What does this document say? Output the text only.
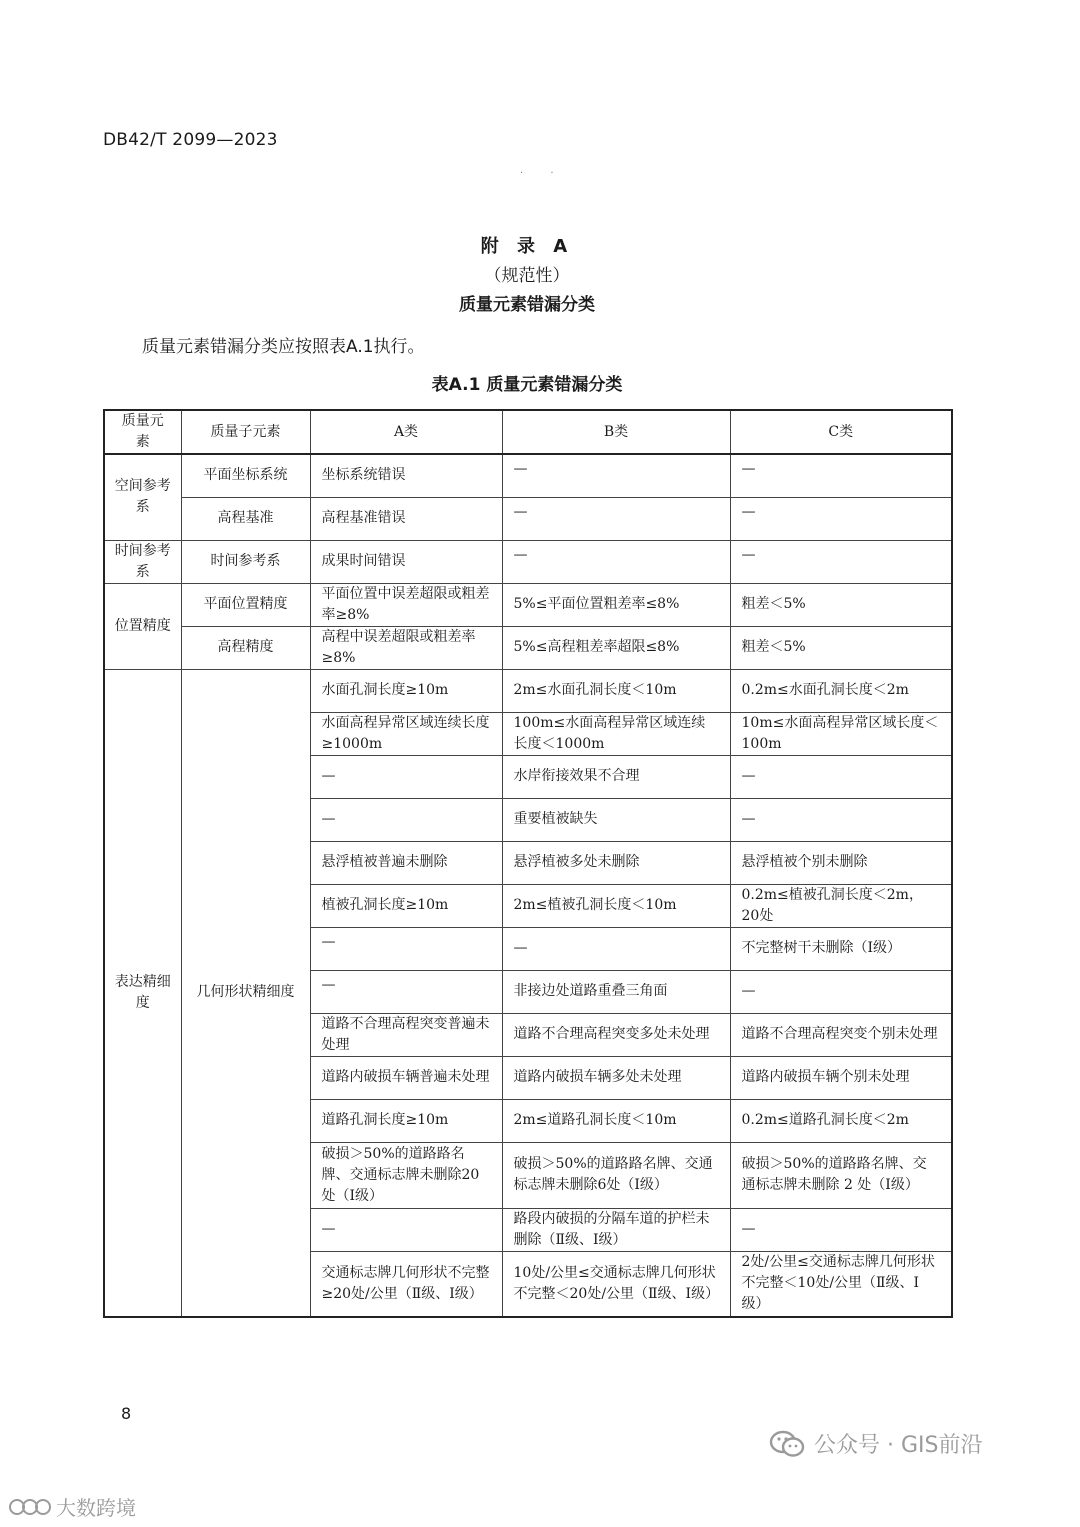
DB42/T 2099—2023
· ·
附 录 A
（规范性）
质量元素错漏分类
质量元素错漏分类应按照表A.1执行。
表A.1 质量元素错漏分类
质量元素	质量子元素	A类	B类	C类
空间参考系	平面坐标系统	坐标系统错误	—	—
	高程基准	高程基准错误	—	—
时间参考系	时间参考系	成果时间错误	—	—
位置精度	平面位置精度	平面位置中误差超限或粗差率≥8%	5%≤平面位置粗差率≤8%	粗差＜5%
	高程精度	高程中误差超限或粗差率≥8%	5%≤高程粗差率超限≤8%	粗差＜5%
表达精细度	几何形状精细度	水面孔洞长度≥10m	2m≤水面孔洞长度＜10m	0.2m≤水面孔洞长度＜2m
		水面高程异常区域连续长度≥1000m	100m≤水面高程异常区域连续长度＜1000m	10m≤水面高程异常区域长度＜100m
		—	水岸衔接效果不合理	—
		—	重要植被缺失	—
		悬浮植被普遍未删除	悬浮植被多处未删除	悬浮植被个别未删除
		植被孔洞长度≥10m	2m≤植被孔洞长度＜10m	0.2m≤植被孔洞长度＜2m，20处
		—	—	不完整树干未删除（Ⅰ级）
		—	非接边处道路重叠三角面	—
		道路不合理高程突变普遍未处理	道路不合理高程突变多处未处理	道路不合理高程突变个别未处理
		道路内破损车辆普遍未处理	道路内破损车辆多处未处理	道路内破损车辆个别未处理
		道路孔洞长度≥10m	2m≤道路孔洞长度＜10m	0.2m≤道路孔洞长度＜2m
		破损＞50%的道路路名牌、交通标志牌未删除20处（Ⅰ级）	破损＞50%的道路路名牌、交通标志牌未删除6处（Ⅰ级）	破损＞50%的道路路名牌、交通标志牌未删除 2 处（Ⅰ级）
		—	路段内破损的分隔车道的护栏未删除（Ⅱ级、Ⅰ级）	—
		交通标志牌几何形状不完整≥20处/公里（Ⅱ级、Ⅰ级）	10处/公里≤交通标志牌几何形状不完整＜20处/公里（Ⅱ级、Ⅰ级）	2处/公里≤交通标志牌几何形状不完整＜10处/公里（Ⅱ级、Ⅰ级）
8
公众号 · GIS前沿
大数跨境
